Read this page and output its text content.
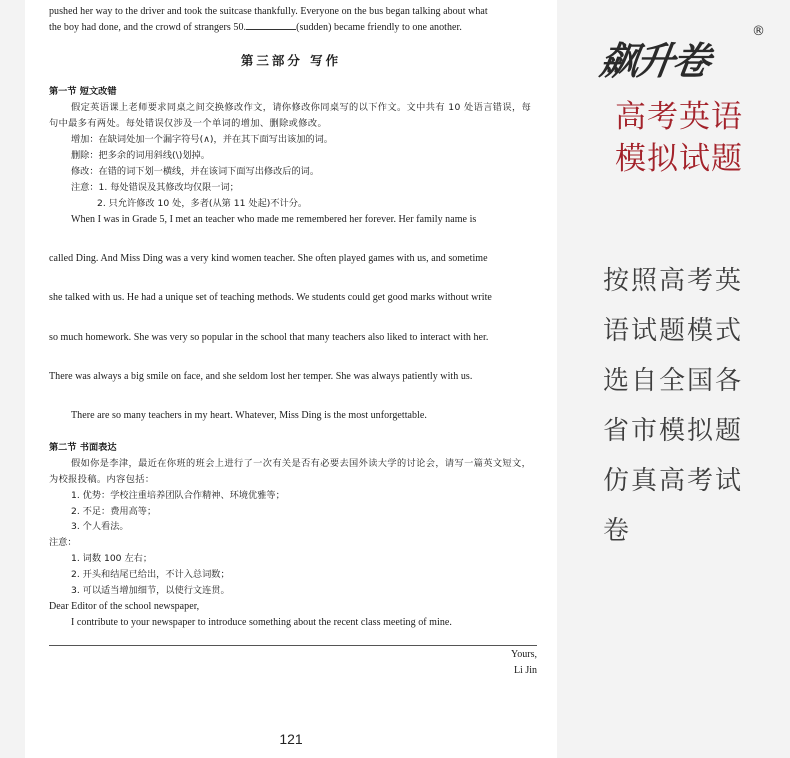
pushed her way to the driver and took the suitcase thankfully. Everyone on the bus began talking about what
the boy had done, and the crowd of strangers 50.	(sudden) became friendly to one another.
第三部分 写作
第一节 短文改错
假定英语课上老师要求同桌之间交换修改作文，请你修改你同桌写的以下作文。文中共有 10 处语言错误，每句中最多有两处。每处错误仅涉及一个单词的增加、删除或修改。
增加：在缺词处加一个漏字符号(∧)，并在其下面写出该加的词。
删除：把多余的词用斜线(\)划掉。
修改：在错的词下划一横线，并在该词下面写出修改后的词。
注意：1. 每处错误及其修改均仅限一词；
2. 只允许修改 10 处，多者(从第 11 处起)不计分。
When I was in Grade 5, I met an teacher who made me remembered her forever. Her family name is
called Ding. And Miss Ding was a very kind women teacher. She often played games with us, and sometime
she talked with us. He had a unique set of teaching methods. We students could get good marks without write
so much homework. She was very so popular in the school that many teachers also liked to interact with her.
There was always a big smile on face, and she seldom lost her temper. She was always patiently with us.
There are so many teachers in my heart. Whatever, Miss Ding is the most unforgettable.
第二节 书面表达
假如你是李津，最近在你班的班会上进行了一次有关是否有必要去国外读大学的讨论会，请写一篇英文短文，为校报投稿。内容包括：
1. 优势：学校注重培养团队合作精神、环境优雅等；
2. 不足：费用高等；
3. 个人看法。
注意：
1. 词数 100 左右；
2. 开头和结尾已给出，不计入总词数；
3. 可以适当增加细节，以使行文连贯。
Dear Editor of the school newspaper,
I contribute to your newspaper to introduce something about the recent class meeting of mine.
Yours,
Li Jin
121
飙升卷
®
高考英语
模拟试题
按照高考英语试题模式选自全国各省市模拟题仿真高考试卷
